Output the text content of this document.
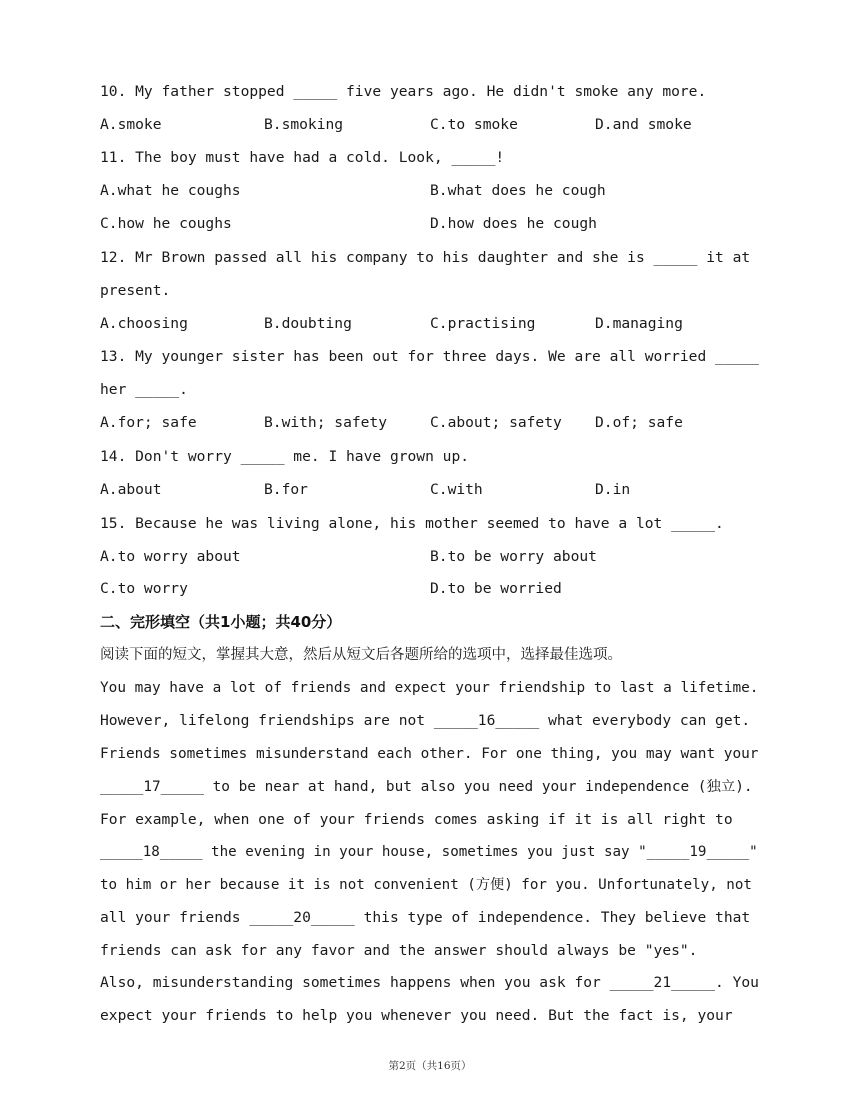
10. My father stopped _____ five years ago. He didn't smoke any more.
A.smoke	B.smoking	C.to smoke	D.and smoke
11. The boy must have had a cold. Look, _____!
A.what he coughs	B.what does he cough
C.how he coughs	D.how does he cough
12. Mr Brown passed all his company to his daughter and she is _____ it at
present.
A.choosing	B.doubting	C.practising	D.managing
13. My younger sister has been out for three days. We are all worried _____
her _____.
A.for; safe	B.with; safety	C.about; safety D.of; safe
14. Don't worry _____ me. I have grown up.
A.about	B.for	C.with	D.in
15. Because he was living alone, his mother seemed to have a lot _____.
A.to worry about	B.to be worry about
C.to worry	D.to be worried
二、完形填空（共1小题；共40分）
阅读下面的短文，掌握其大意，然后从短文后各题所给的选项中，选择最佳选项。
You may have a lot of friends and expect your friendship to last a lifetime.
However, lifelong friendships are not _____16_____ what everybody can get.
Friends sometimes misunderstand each other. For one thing, you may want your
_____17_____ to be near at hand, but also you need your independence (独立).
For example, when one of your friends comes asking if it is all right to
_____18_____ the evening in your house, sometimes you just say "_____19_____"
to him or her because it is not convenient (方便) for you. Unfortunately, not
all your friends _____20_____ this type of independence. They believe that
friends can ask for any favor and the answer should always be "yes".
Also, misunderstanding sometimes happens when you ask for _____21_____. You
expect your friends to help you whenever you need. But the fact is, your
第2页（共16页）
